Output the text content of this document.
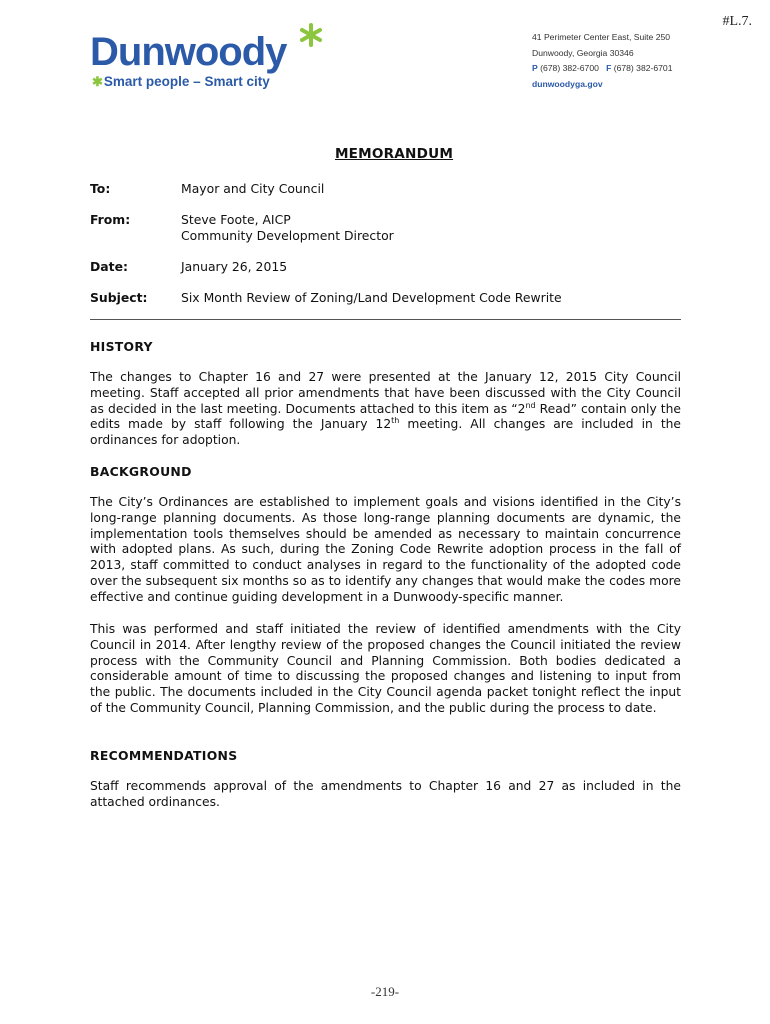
#L.7.
Dunwoody
✱Smart people – Smart city
41 Perimeter Center East, Suite 250
Dunwoody, Georgia 30346
P (678) 382-6700 F (678) 382-6701
dunwoodyga.gov
MEMORANDUM
To:	Mayor and City Council
From:	Steve Foote, AICP
Community Development Director
Date:	January 26, 2015
Subject:	Six Month Review of Zoning/Land Development Code Rewrite
HISTORY
The changes to Chapter 16 and 27 were presented at the January 12, 2015 City Council meeting. Staff accepted all prior amendments that have been discussed with the City Council as decided in the last meeting. Documents attached to this item as “2nd Read” contain only the edits made by staff following the January 12th meeting. All changes are included in the ordinances for adoption.
BACKGROUND
The City’s Ordinances are established to implement goals and visions identified in the City’s long-range planning documents. As those long-range planning documents are dynamic, the implementation tools themselves should be amended as necessary to maintain concurrence with adopted plans. As such, during the Zoning Code Rewrite adoption process in the fall of 2013, staff committed to conduct analyses in regard to the functionality of the adopted code over the subsequent six months so as to identify any changes that would make the codes more effective and continue guiding development in a Dunwoody-specific manner.
This was performed and staff initiated the review of identified amendments with the City Council in 2014. After lengthy review of the proposed changes the Council initiated the review process with the Community Council and Planning Commission. Both bodies dedicated a considerable amount of time to discussing the proposed changes and listening to input from the public. The documents included in the City Council agenda packet tonight reflect the input of the Community Council, Planning Commission, and the public during the process to date.
RECOMMENDATIONS
Staff recommends approval of the amendments to Chapter 16 and 27 as included in the attached ordinances.
-219-
